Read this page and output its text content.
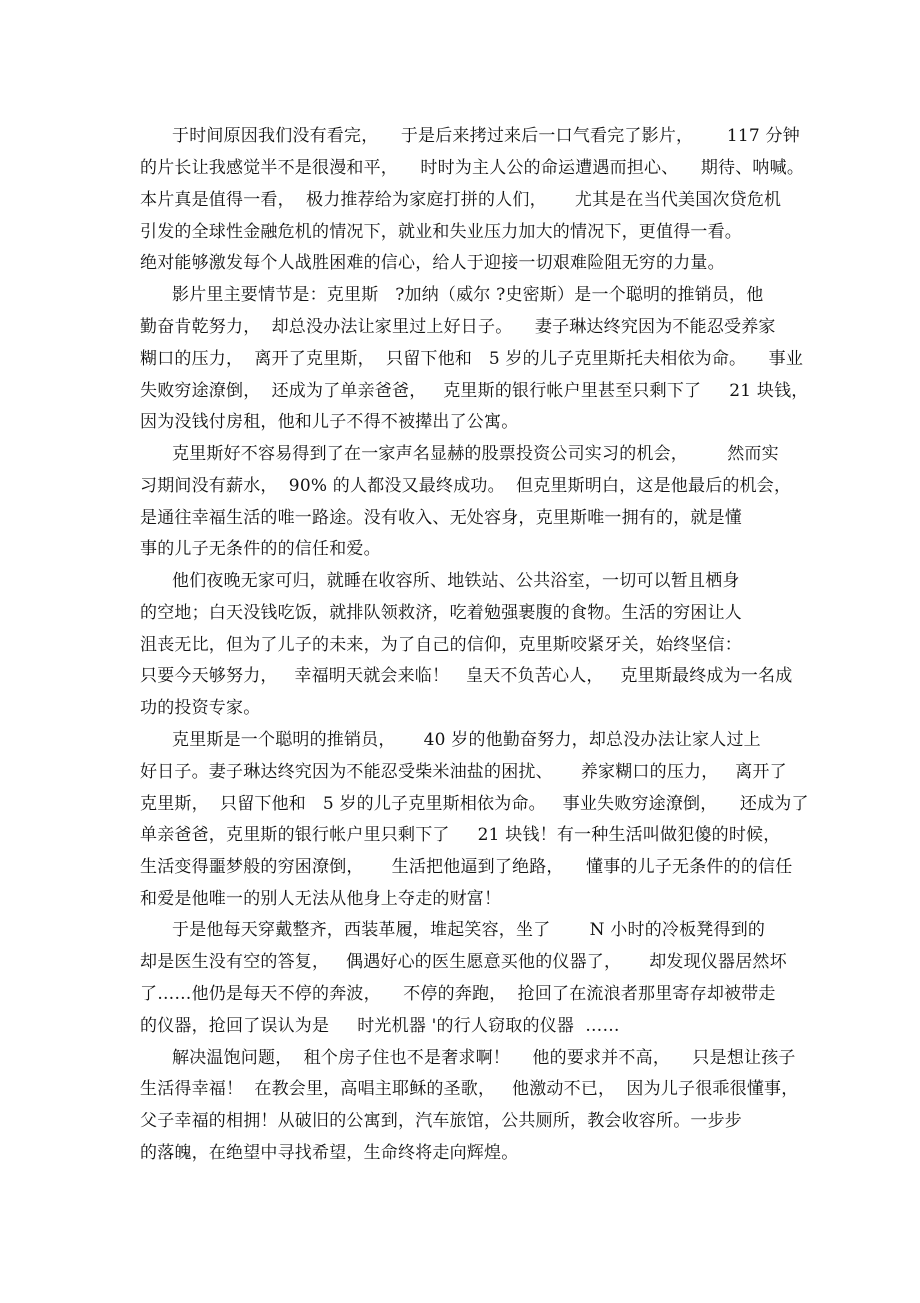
于时间原因我们没有看完，    于是后来拷过来后一口气看完了影片，      117 分钟
的片长让我感觉半不是很漫和平，    时时为主人公的命运遭遇而担心、    期待、呐喊。
本片真是值得一看，  极力推荐给为家庭打拼的人们，     尤其是在当代美国次贷危机
引发的全球性金融危机的情况下，就业和失业压力加大的情况下，更值得一看。
绝对能够激发每个人战胜困难的信心，给人于迎接一切艰难险阻无穷的力量。
影片里主要情节是：克里斯   ?加纳（威尔 ?史密斯）是一个聪明的推销员，他
勤奋肯乾努力，  却总没办法让家里过上好日子。    妻子琳达终究因为不能忍受养家
糊口的压力，  离开了克里斯，  只留下他和   5 岁的儿子克里斯托夫相依为命。    事业
失败穷途潦倒，  还成为了单亲爸爸，   克里斯的银行帐户里甚至只剩下了     21 块钱，
因为没钱付房租，他和儿子不得不被撵出了公寓。
克里斯好不容易得到了在一家声名显赫的股票投资公司实习的机会，       然而实
习期间没有薪水，  90% 的人都没又最终成功。  但克里斯明白，这是他最后的机会，
是通往幸福生活的唯一路途。没有收入、无处容身，克里斯唯一拥有的，就是懂
事的儿子无条件的的信任和爱。
他们夜晚无家可归，就睡在收容所、地铁站、公共浴室，一切可以暂且栖身
的空地；白天没钱吃饭，就排队领救济，吃着勉强裹腹的食物。生活的穷困让人
沮丧无比，但为了儿子的未来，为了自己的信仰，克里斯咬紧牙关，始终坚信：
只要今天够努力，   幸福明天就会来临！   皇天不负苦心人，   克里斯最终成为一名成
功的投资专家。
克里斯是一个聪明的推销员，     40 岁的他勤奋努力，却总没办法让家人过上
好日子。妻子琳达终究因为不能忍受柴米油盐的困扰、     养家糊口的压力，   离开了
克里斯，  只留下他和   5 岁的儿子克里斯相依为命。   事业失败穷途潦倒，    还成为了
单亲爸爸，克里斯的银行帐户里只剩下了     21 块钱！有一种生活叫做犯傻的时候，
生活变得噩梦般的穷困潦倒，     生活把他逼到了绝路，    懂事的儿子无条件的的信任
和爱是他唯一的别人无法从他身上夺走的财富！
于是他每天穿戴整齐，西装革履，堆起笑容，坐了       N 小时的冷板凳得到的
却是医生没有空的答复，   偶遇好心的医生愿意买他的仪器了，     却发现仪器居然坏
了……他仍是每天不停的奔波，    不停的奔跑，  抢回了在流浪者那里寄存却被带走
的仪器，抢回了误认为是     时光机器 '的行人窃取的仪器  ……
解决温饱问题，  租个房子住也不是奢求啊！    他的要求并不高，    只是想让孩子
生活得幸福！  在教会里，高唱主耶稣的圣歌，   他激动不已，  因为儿子很乖很懂事，
父子幸福的相拥！从破旧的公寓到，汽车旅馆，公共厕所，教会收容所。一步步
的落魄，在绝望中寻找希望，生命终将走向辉煌。
